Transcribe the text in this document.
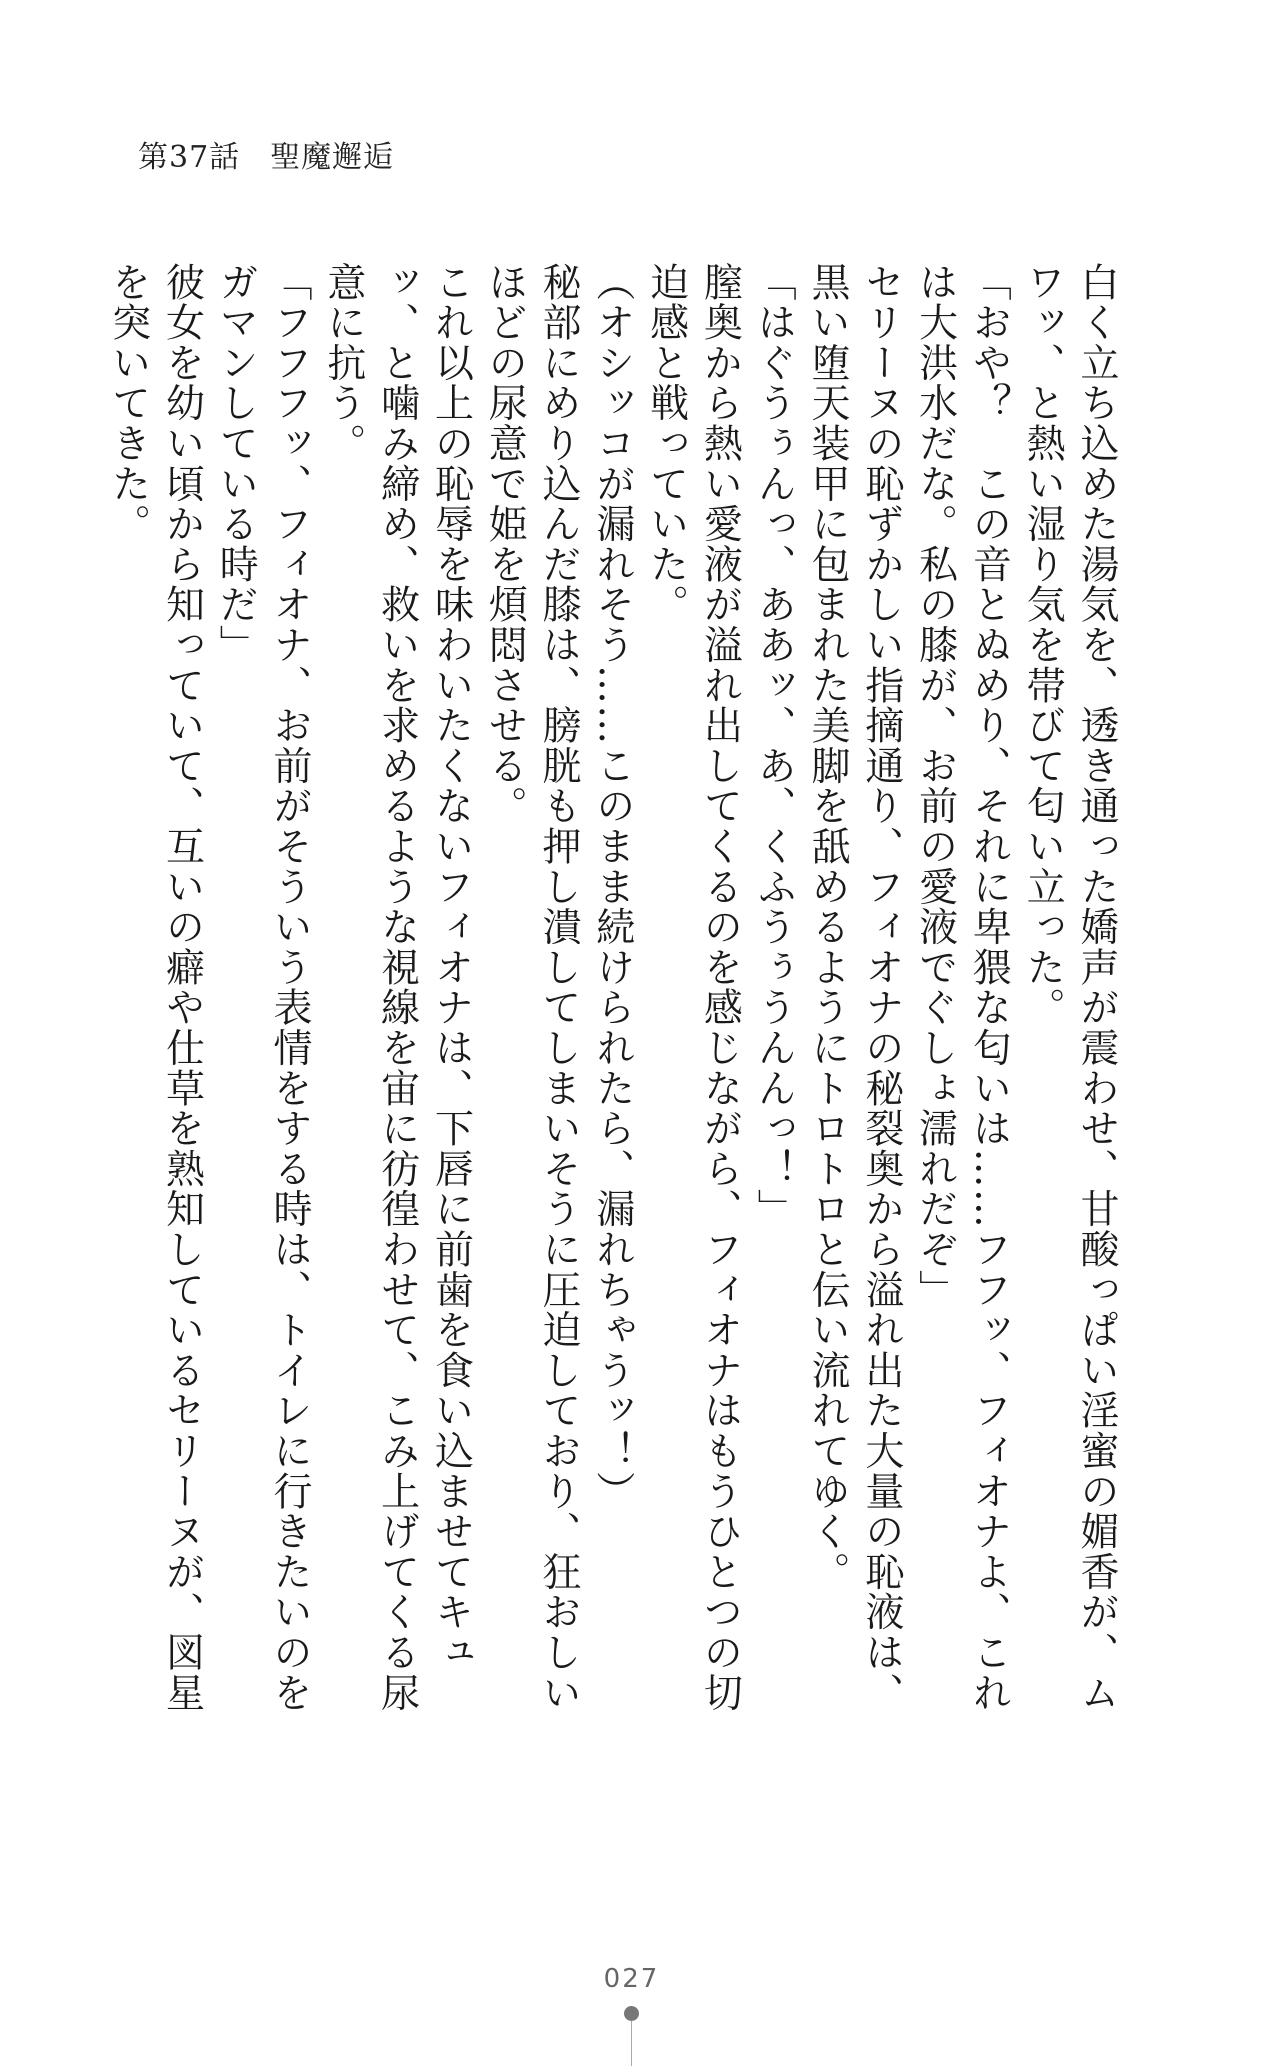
第37話 聖魔邂逅

白く立ち込めた湯気を、透き通った嬌声が震わせ、甘酸っぱい淫蜜の媚香が、ムワッ、と熱い湿り気を帯びて匂い立った。

「おや？　この音とぬめり、それに卑猥な匂いは……フフッ、フィオナよ、これは大洪水だな。私の膝が、お前の愛液でぐしょ濡れだぞ」

セリーヌの恥ずかしい指摘通り、フィオナの秘裂奥から溢れ出た大量の恥液は、黒い堕天装甲に包まれた美脚を舐めるようにトロトロと伝い流れてゆく。

「はぐうぅんっ、ああッ、あ、くふうぅうんんっ！」

膣奥から熱い愛液が溢れ出してくるのを感じながら、フィオナはもうひとつの切迫感と戦っていた。

（オシッコが漏れそう……このまま続けられたら、漏れちゃうッ！）

秘部にめり込んだ膝は、膀胱も押し潰してしまいそうに圧迫しており、狂おしいほどの尿意で姫を煩悶させる。

これ以上の恥辱を味わいたくないフィオナは、下唇に前歯を食い込ませてキュッ、と噛み締め、救いを求めるような視線を宙に彷徨わせて、こみ上げてくる尿意に抗う。

「フフフッ、フィオナ、お前がそういう表情をする時は、トイレに行きたいのをガマンしている時だ」

彼女を幼い頃から知っていて、互いの癖や仕草を熟知しているセリーヌが、図星を突いてきた。

027
